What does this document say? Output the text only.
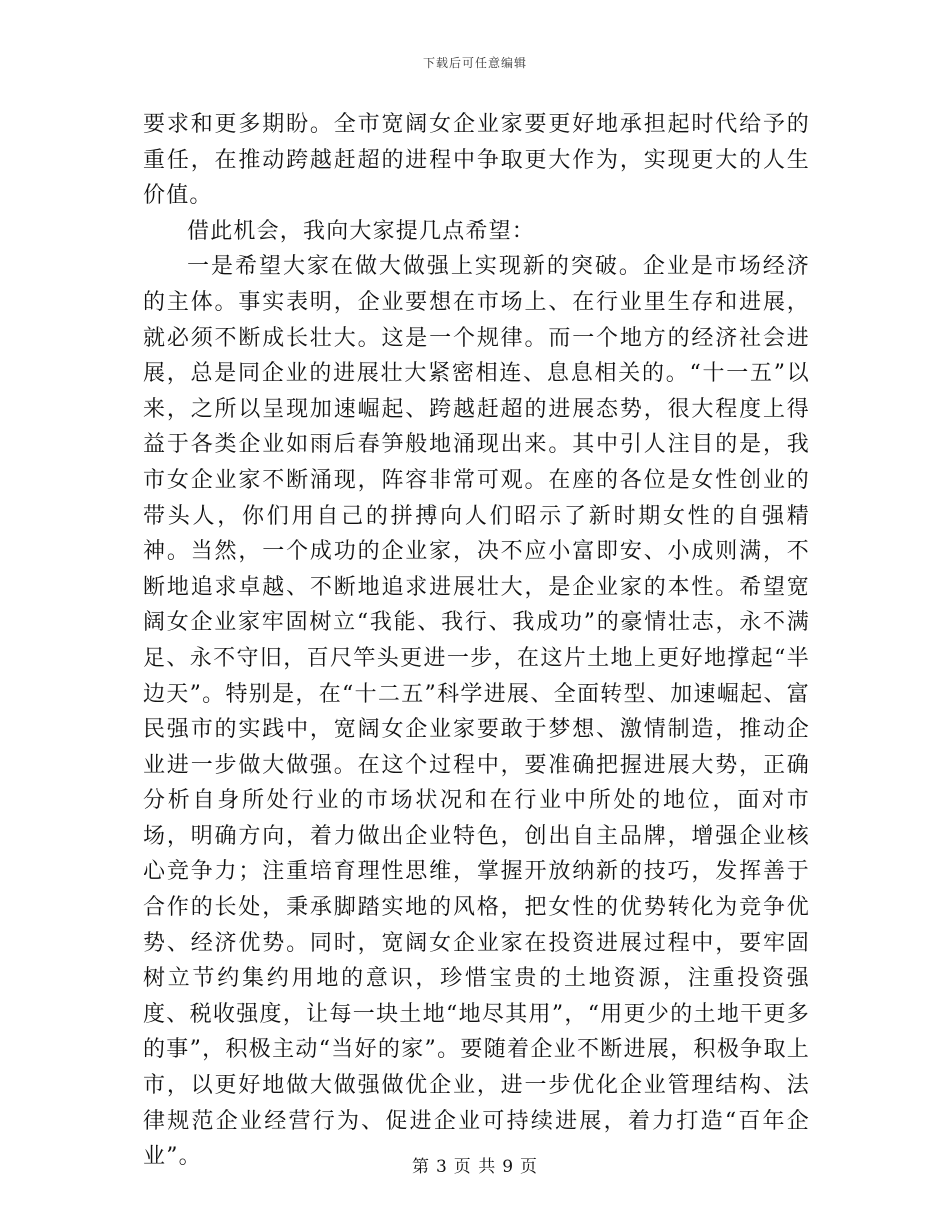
下载后可任意编辑

要求和更多期盼。全市宽阔女企业家要更好地承担起时代给予的重任，在推动跨越赶超的进程中争取更大作为，实现更大的人生价值。

借此机会，我向大家提几点希望：

一是希望大家在做大做强上实现新的突破。企业是市场经济的主体。事实表明，企业要想在市场上、在行业里生存和进展，就必须不断成长壮大。这是一个规律。而一个地方的经济社会进展，总是同企业的进展壮大紧密相连、息息相关的。“十一五”以来，之所以呈现加速崛起、跨越赶超的进展态势，很大程度上得益于各类企业如雨后春笋般地涌现出来。其中引人注目的是，我市女企业家不断涌现，阵容非常可观。在座的各位是女性创业的带头人，你们用自己的拼搏向人们昭示了新时期女性的自强精神。当然，一个成功的企业家，决不应小富即安、小成则满，不断地追求卓越、不断地追求进展壮大，是企业家的本性。希望宽阔女企业家牢固树立“我能、我行、我成功”的豪情壮志，永不满足、永不守旧，百尺竿头更进一步，在这片土地上更好地撑起“半边天”。特别是，在“十二五”科学进展、全面转型、加速崛起、富民强市的实践中，宽阔女企业家要敢于梦想、激情制造，推动企业进一步做大做强。在这个过程中，要准确把握进展大势，正确分析自身所处行业的市场状况和在行业中所处的地位，面对市场，明确方向，着力做出企业特色，创出自主品牌，增强企业核心竞争力；注重培育理性思维，掌握开放纳新的技巧，发挥善于合作的长处，秉承脚踏实地的风格，把女性的优势转化为竞争优势、经济优势。同时，宽阔女企业家在投资进展过程中，要牢固树立节约集约用地的意识，珍惜宝贵的土地资源，注重投资强度、税收强度，让每一块土地“地尽其用”，“用更少的土地干更多的事”，积极主动“当好的家”。要随着企业不断进展，积极争取上市，以更好地做大做强做优企业，进一步优化企业管理结构、法律规范企业经营行为、促进企业可持续进展，着力打造“百年企业”。	第 3 页 共 9 页
